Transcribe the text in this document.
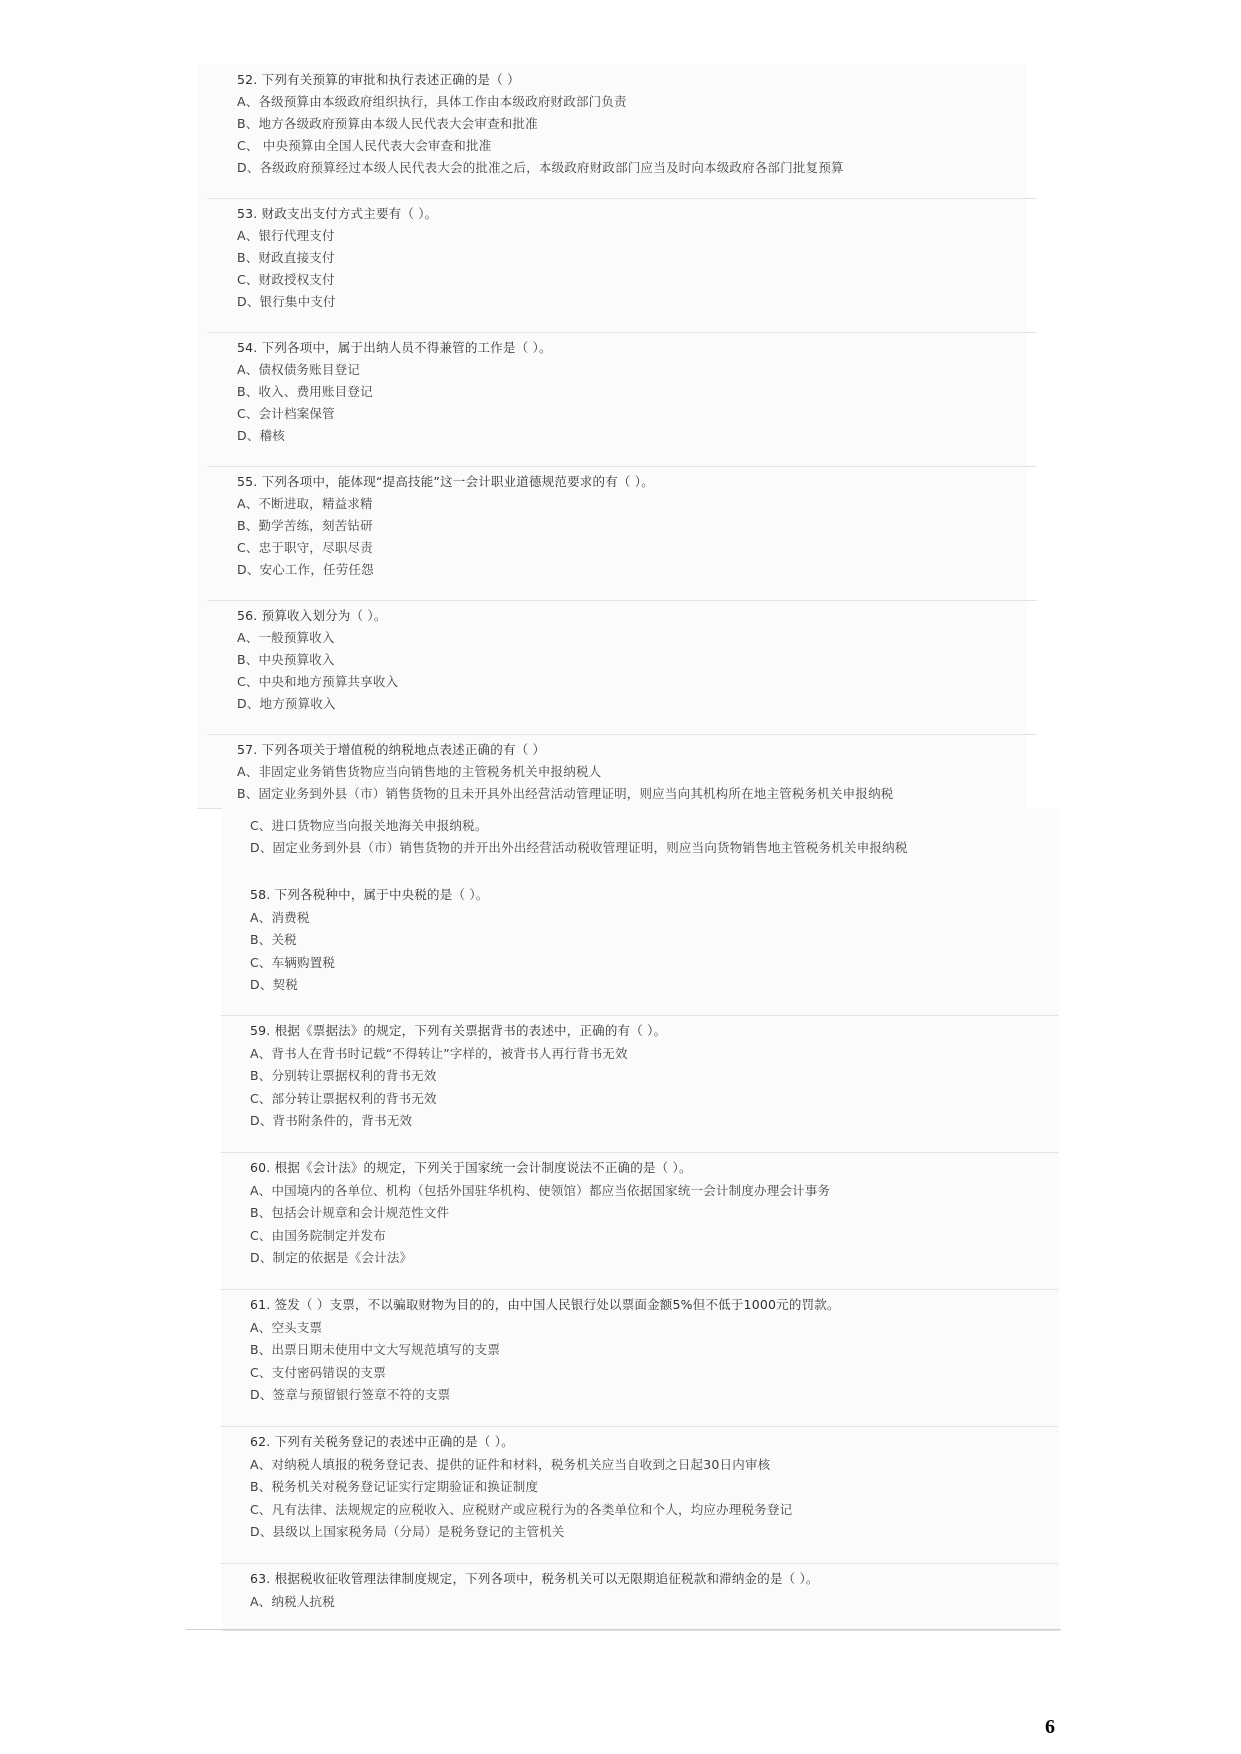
52. 下列有关预算的审批和执行表述正确的是（ ）
A、各级预算由本级政府组织执行，具体工作由本级政府财政部门负责
B、地方各级政府预算由本级人民代表大会审查和批准
C、 中央预算由全国人民代表大会审查和批准
D、各级政府预算经过本级人民代表大会的批准之后，本级政府财政部门应当及时向本级政府各部门批复预算
53. 财政支出支付方式主要有（ ）。
A、银行代理支付
B、财政直接支付
C、财政授权支付
D、银行集中支付
54. 下列各项中，属于出纳人员不得兼管的工作是（ ）。
A、债权债务账目登记
B、收入、费用账目登记
C、会计档案保管
D、稽核
55. 下列各项中，能体现“提高技能”这一会计职业道德规范要求的有（ ）。
A、不断进取，精益求精
B、勤学苦练，刻苦钻研
C、忠于职守，尽职尽责
D、安心工作，任劳任怨
56. 预算收入划分为（ ）。
A、一般预算收入
B、中央预算收入
C、中央和地方预算共享收入
D、地方预算收入
57. 下列各项关于增值税的纳税地点表述正确的有（ ）
A、非固定业务销售货物应当向销售地的主管税务机关申报纳税人
B、固定业务到外县（市）销售货物的且未开具外出经营活动管理证明，则应当向其机构所在地主管税务机关申报纳税
C、进口货物应当向报关地海关申报纳税。
D、固定业务到外县（市）销售货物的并开出外出经营活动税收管理证明，则应当向货物销售地主管税务机关申报纳税
58. 下列各税种中，属于中央税的是（ ）。
A、消费税
B、关税
C、车辆购置税
D、契税
59. 根据《票据法》的规定，下列有关票据背书的表述中，正确的有（ ）。
A、背书人在背书时记载“不得转让”字样的，被背书人再行背书无效
B、分别转让票据权利的背书无效
C、部分转让票据权利的背书无效
D、背书附条件的，背书无效
60. 根据《会计法》的规定，下列关于国家统一会计制度说法不正确的是（ ）。
A、中国境内的各单位、机构（包括外国驻华机构、使领馆）都应当依据国家统一会计制度办理会计事务
B、包括会计规章和会计规范性文件
C、由国务院制定并发布
D、制定的依据是《会计法》
61. 签发（ ）支票，不以骗取财物为目的的，由中国人民银行处以票面金额5%但不低于1000元的罚款。
A、空头支票
B、出票日期未使用中文大写规范填写的支票
C、支付密码错误的支票
D、签章与预留银行签章不符的支票
62. 下列有关税务登记的表述中正确的是（ ）。
A、对纳税人填报的税务登记表、提供的证件和材料，税务机关应当自收到之日起30日内审核
B、税务机关对税务登记证实行定期验证和换证制度
C、凡有法律、法规规定的应税收入、应税财产或应税行为的各类单位和个人，均应办理税务登记
D、县级以上国家税务局（分局）是税务登记的主管机关
63. 根据税收征收管理法律制度规定，下列各项中，税务机关可以无限期追征税款和滞纳金的是（ ）。
A、纳税人抗税
6
